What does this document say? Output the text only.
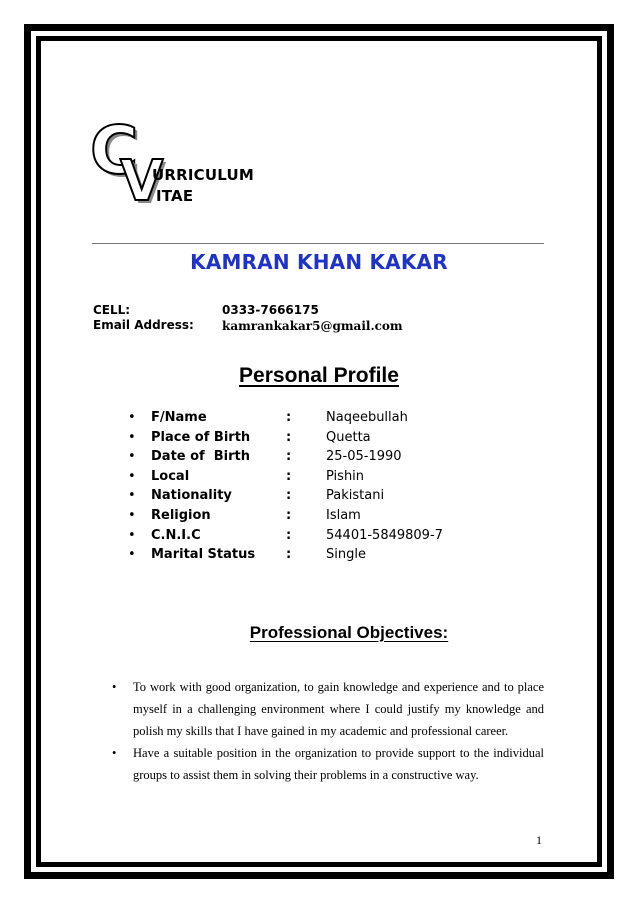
C
V
URRICULUM
ITAE
KAMRAN KHAN KAKAR
CELL:	0333-7666175
Email Address: kamrankakar5@gmail.com
Personal Profile
• F/Name	:	Naqeebullah
• Place of Birth	:	Quetta
• Date of  Birth	:	25-05-1990
• Local	:	Pishin
• Nationality	:	Pakistani
• Religion	:	Islam
• C.N.I.C	:	54401-5849809-7
• Marital Status :	Single
Professional Objectives:
• To work with good organization, to gain knowledge and experience and to place myself in a challenging environment where I could justify my knowledge and polish my skills that I have gained in my academic and professional career.
• Have a suitable position in the organization to provide support to the individual groups to assist them in solving their problems in a constructive way.
1
